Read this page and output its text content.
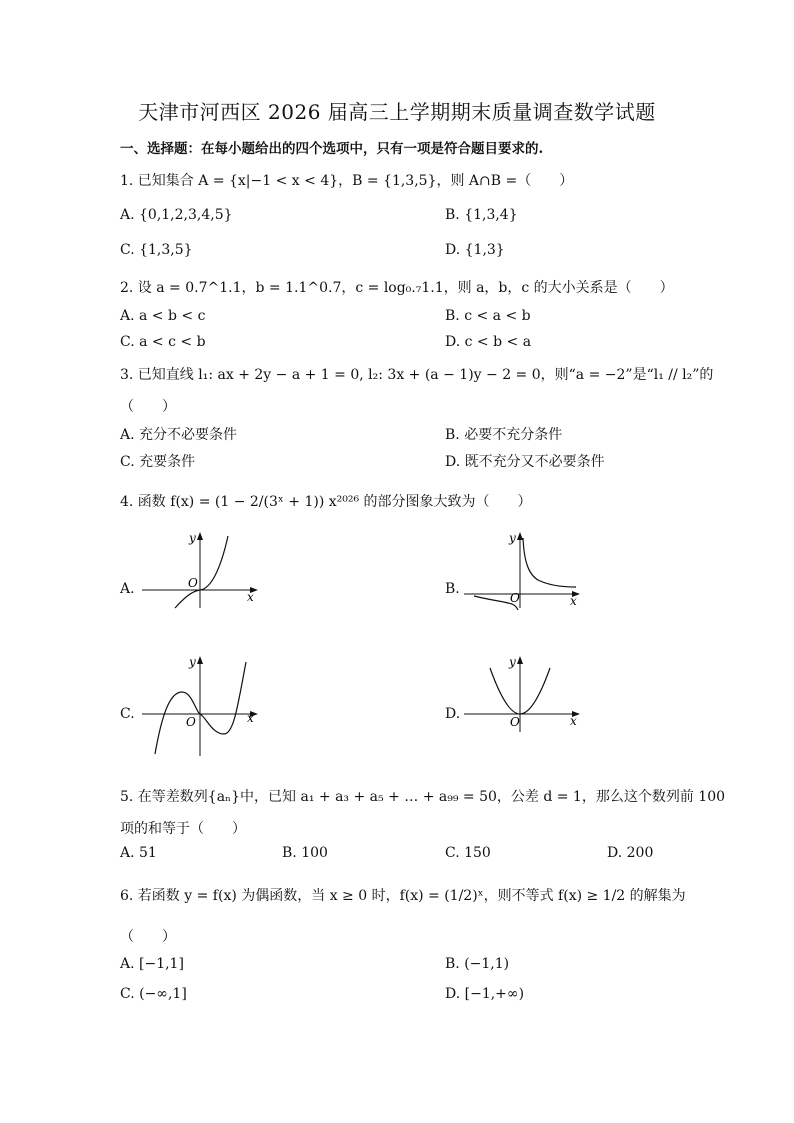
天津市河西区 2026 届高三上学期期末质量调查数学试题
一、选择题：在每小题给出的四个选项中，只有一项是符合题目要求的.
1. 已知集合 A = {x|−1 < x < 4}，B = {1,3,5}，则 A∩B =（　　）
A. {0,1,2,3,4,5}	B. {1,3,4}
C. {1,3,5}	D. {1,3}
2. 设 a = 0.7^1.1，b = 1.1^0.7，c = log₀.₇1.1，则 a，b，c 的大小关系是（　　）
A. a < b < c	B. c < a < b
C. a < c < b	D. c < b < a
3. 已知直线 l₁: ax + 2y − a + 1 = 0, l₂: 3x + (a − 1)y − 2 = 0，则“a = −2”是“l₁ // l₂”的
（　　）
A. 充分不必要条件	B. 必要不充分条件
C. 充要条件	D. 既不充分又不必要条件
4. 函数 f(x) = (1 − 2/(3ˣ + 1)) x²⁰²⁶ 的部分图象大致为（　　）
A.	B.
C.	D.
O
x
y
O	x
y
O	x
y
O	x
y
5. 在等差数列{aₙ}中，已知 a₁ + a₃ + a₅ + … + a₉₉ = 50，公差 d = 1，那么这个数列前 100
项的和等于（　　）
A. 51	B. 100	C. 150	D. 200
6. 若函数 y = f(x) 为偶函数，当 x ≥ 0 时，f(x) = (1/2)ˣ，则不等式 f(x) ≥ 1/2 的解集为
（　　）
A. [−1,1]	B. (−1,1)
C. (−∞,1]	D. [−1,+∞)
